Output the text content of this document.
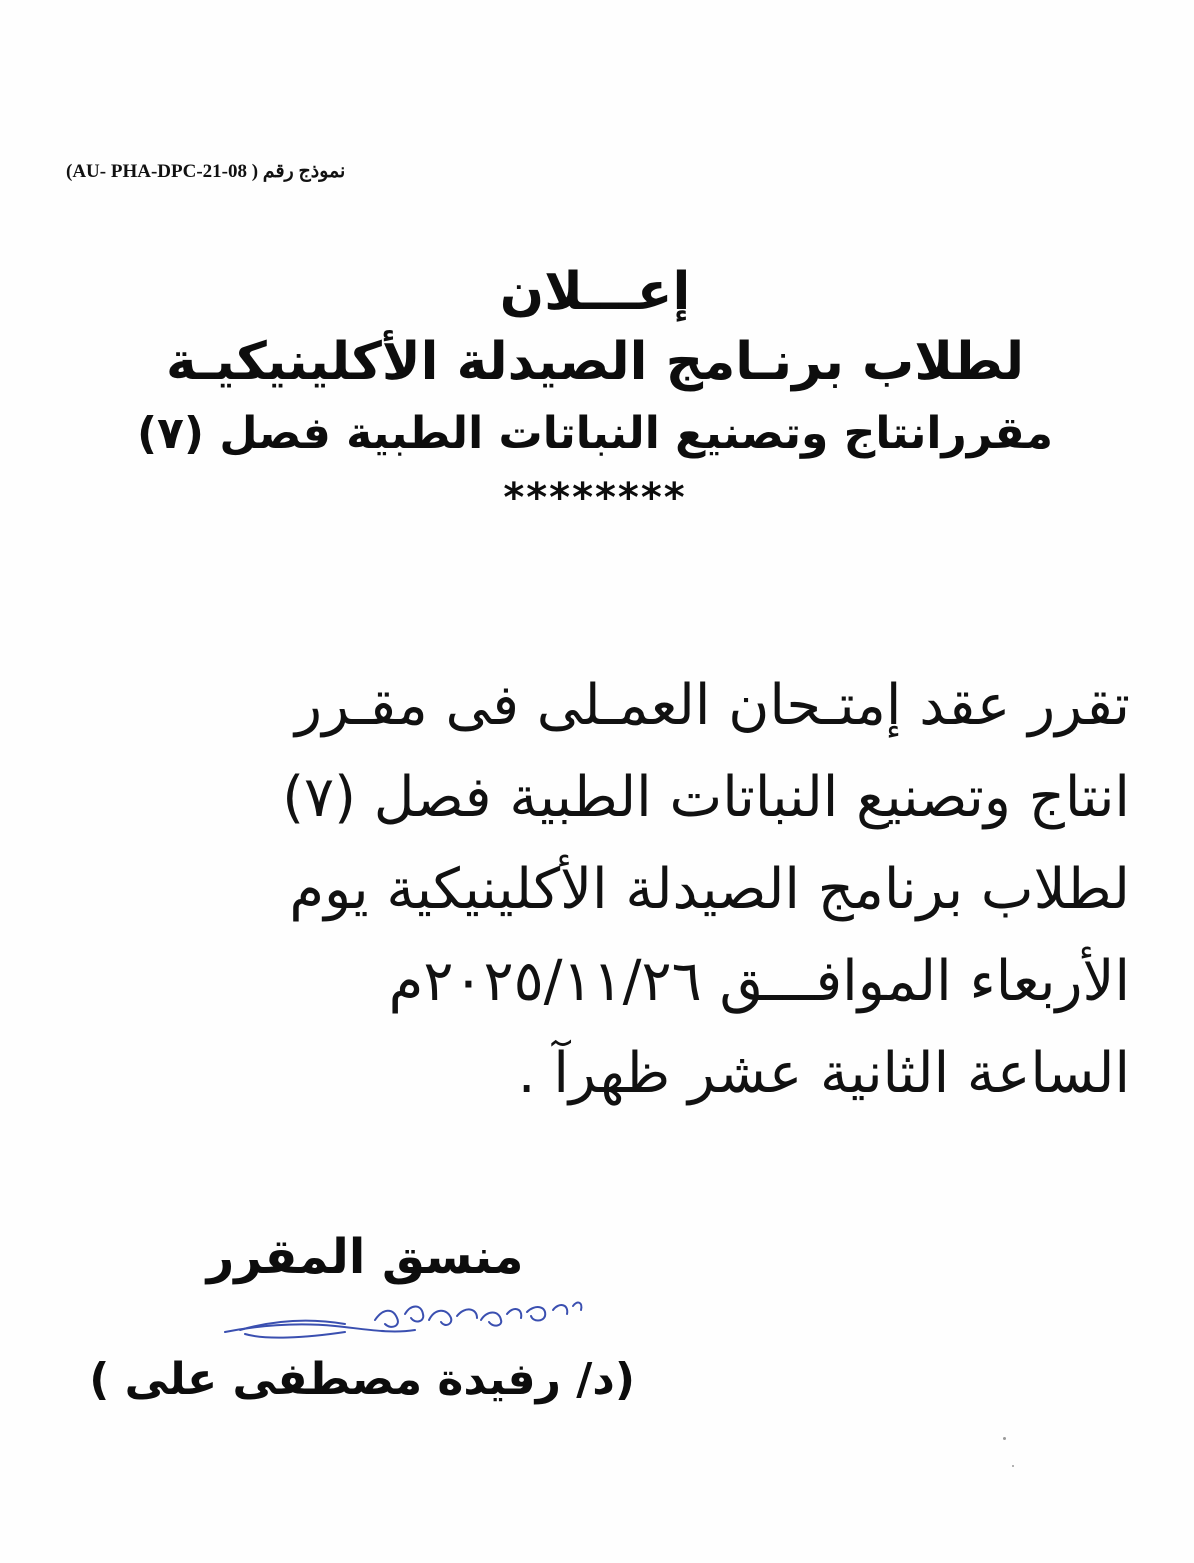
نموذج رقم ( AU- PHA-DPC-21-08)
إعـــلان
لطلاب برنـامج الصيدلة الأكلينيكيـة
مقررانتاج وتصنيع النباتات الطبية فصل (٧)
********
تقرر عقد إمتـحان العمـلى فى مقـرر
انتاج وتصنيع النباتات الطبية فصل (٧)
لطلاب برنامج الصيدلة الأكلينيكية يوم
الأربعاء الموافـــق ٢٠٢٥/١١/٢٦م
الساعة الثانية عشر ظهرآ .
منسق المقرر
(د/ رفيدة مصطفى على )
